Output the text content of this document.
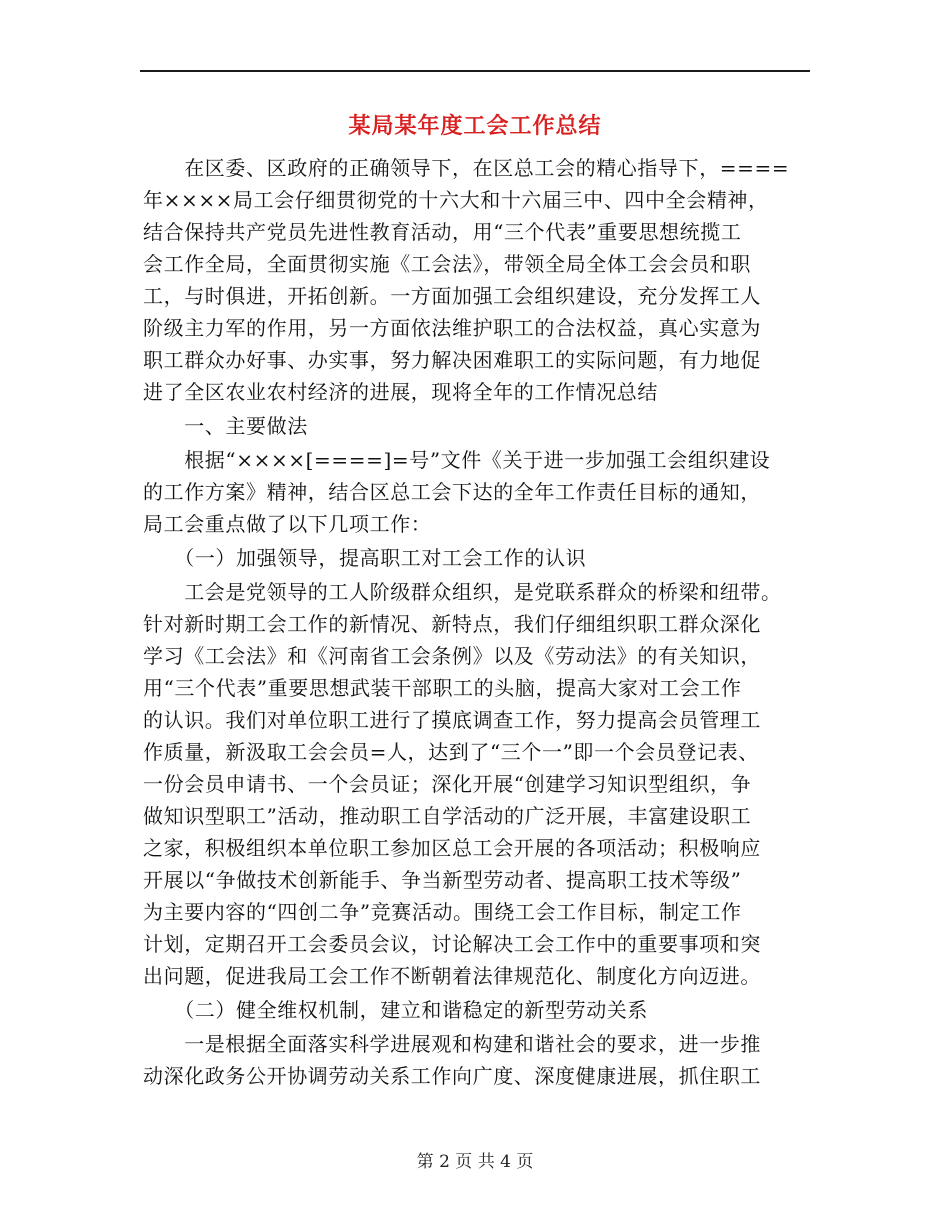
某局某年度工会工作总结
　　在区委、区政府的正确领导下，在区总工会的精心指导下，====
年××××局工会仔细贯彻党的十六大和十六届三中、四中全会精神，
结合保持共产党员先进性教育活动，用“三个代表”重要思想统揽工
会工作全局，全面贯彻实施《工会法》，带领全局全体工会会员和职
工，与时俱进，开拓创新。一方面加强工会组织建设，充分发挥工人
阶级主力军的作用，另一方面依法维护职工的合法权益，真心实意为
职工群众办好事、办实事，努力解决困难职工的实际问题，有力地促
进了全区农业农村经济的进展，现将全年的工作情况总结
　　一、主要做法
　　根据“××××[====]=号”文件《关于进一步加强工会组织建设
的工作方案》精神，结合区总工会下达的全年工作责任目标的通知，
局工会重点做了以下几项工作：
　　（一）加强领导，提高职工对工会工作的认识
　　工会是党领导的工人阶级群众组织，是党联系群众的桥梁和纽带。
针对新时期工会工作的新情况、新特点，我们仔细组织职工群众深化
学习《工会法》和《河南省工会条例》以及《劳动法》的有关知识，
用“三个代表”重要思想武装干部职工的头脑，提高大家对工会工作
的认识。我们对单位职工进行了摸底调查工作，努力提高会员管理工
作质量，新汲取工会会员=人，达到了“三个一”即一个会员登记表、
一份会员申请书、一个会员证；深化开展“创建学习知识型组织，争
做知识型职工”活动，推动职工自学活动的广泛开展，丰富建设职工
之家，积极组织本单位职工参加区总工会开展的各项活动；积极响应
开展以“争做技术创新能手、争当新型劳动者、提高职工技术等级”
为主要内容的“四创二争”竞赛活动。围绕工会工作目标，制定工作
计划，定期召开工会委员会议，讨论解决工会工作中的重要事项和突
出问题，促进我局工会工作不断朝着法律规范化、制度化方向迈进。
　　（二）健全维权机制，建立和谐稳定的新型劳动关系
　　一是根据全面落实科学进展观和构建和谐社会的要求，进一步推
动深化政务公开协调劳动关系工作向广度、深度健康进展，抓住职工
第 2 页 共 4 页
